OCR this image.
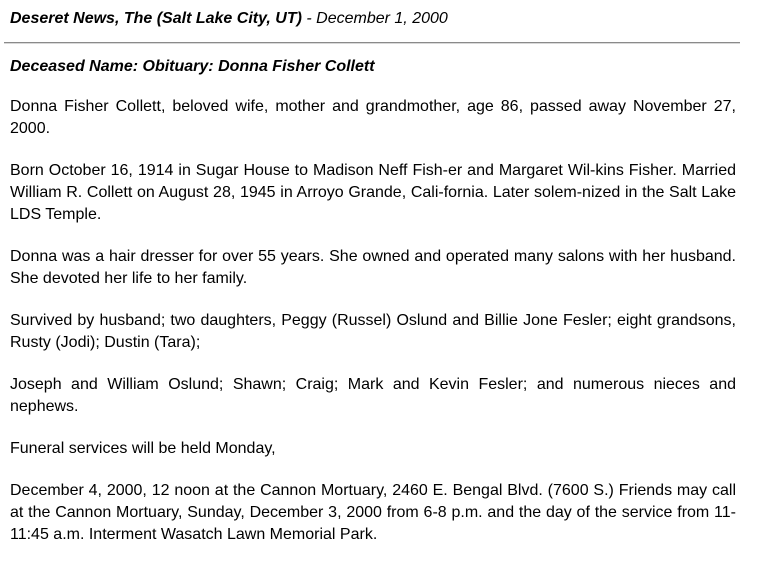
Deseret News, The (Salt Lake City, UT) - December 1, 2000
Deceased Name: Obituary: Donna Fisher Collett

Donna Fisher Collett, beloved wife, mother and grandmother, age 86, passed away November 27, 2000.

Born October 16, 1914 in Sugar House to Madison Neff Fish-er and Margaret Wil-kins Fisher. Married William R. Collett on August 28, 1945 in Arroyo Grande, Cali-fornia. Later solem-nized in the Salt Lake LDS Temple.

Donna was a hair dresser for over 55 years. She owned and operated many salons with her husband. She devoted her life to her family.

Survived by husband; two daughters, Peggy (Russel) Oslund and Billie Jone Fesler; eight grandsons, Rusty (Jodi); Dustin (Tara);

Joseph and William Oslund; Shawn; Craig; Mark and Kevin Fesler; and numerous nieces and nephews.

Funeral services will be held Monday,

December 4, 2000, 12 noon at the Cannon Mortuary, 2460 E. Bengal Blvd. (7600 S.) Friends may call at the Cannon Mortuary, Sunday, December 3, 2000 from 6-8 p.m. and the day of the service from 11-11:45 a.m. Interment Wasatch Lawn Memorial Park.
